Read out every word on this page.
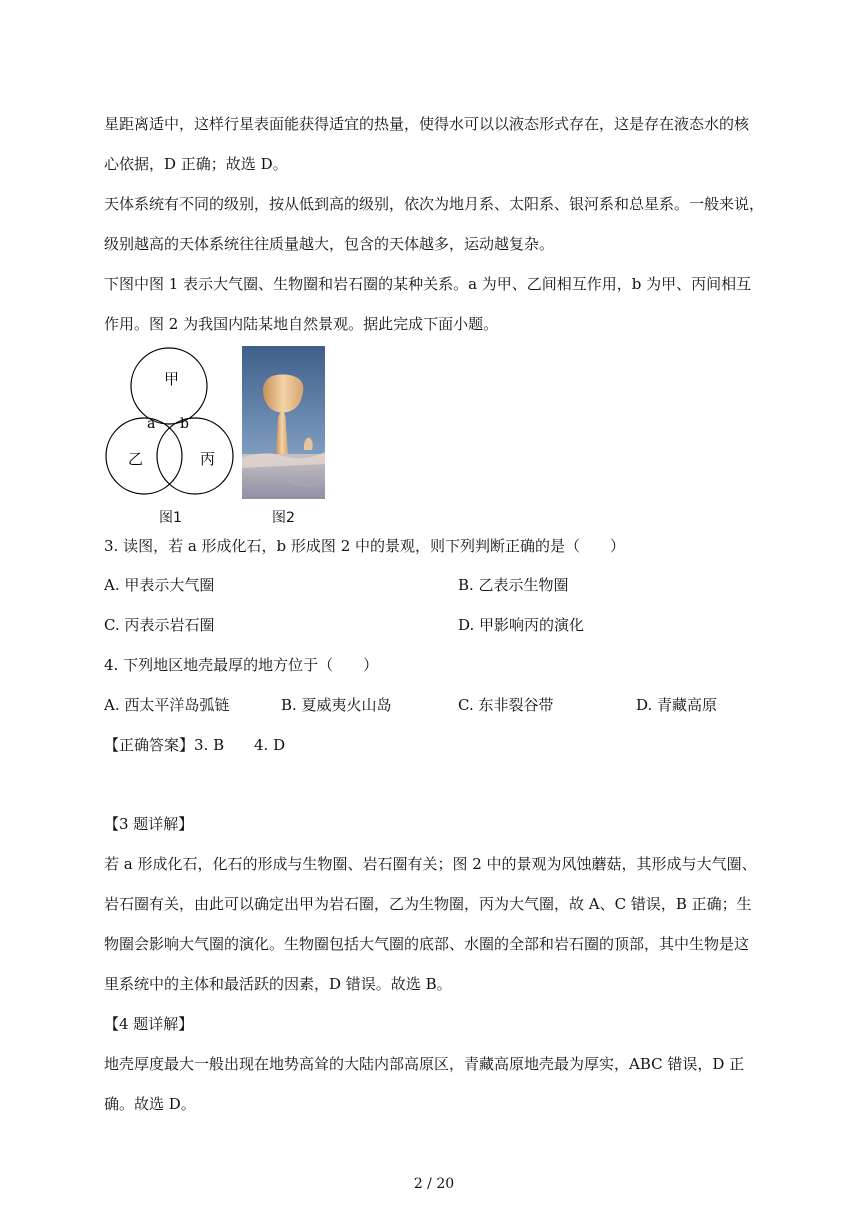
星距离适中，这样行星表面能获得适宜的热量，使得水可以以液态形式存在，这是存在液态水的核
心依据，D 正确；故选 D。
天体系统有不同的级别，按从低到高的级别，依次为地月系、太阳系、银河系和总星系。一般来说，
级别越高的天体系统往往质量越大，包含的天体越多，运动越复杂。
下图中图 1 表示大气圈、生物圈和岩石圈的某种关系。a 为甲、乙间相互作用，b 为甲、丙间相互
作用。图 2 为我国内陆某地自然景观。据此完成下面小题。
甲
乙	丙
a b
图1	图2
3. 读图，若 a 形成化石，b 形成图 2 中的景观，则下列判断正确的是（　　）
A. 甲表示大气圈	B. 乙表示生物圈
C. 丙表示岩石圈	D. 甲影响丙的演化
4. 下列地区地壳最厚的地方位于（　　）
A. 西太平洋岛弧链	B. 夏威夷火山岛	C. 东非裂谷带	D. 青藏高原
【正确答案】 3. B 4. D
【3 题详解】
若 a 形成化石，化石的形成与生物圈、岩石圈有关；图 2 中的景观为风蚀蘑菇，其形成与大气圈、
岩石圈有关，由此可以确定出甲为岩石圈，乙为生物圈，丙为大气圈，故 A、C 错误，B 正确；生
物圈会影响大气圈的演化。生物圈包括大气圈的底部、水圈的全部和岩石圈的顶部，其中生物是这
里系统中的主体和最活跃的因素，D 错误。故选 B。
【4 题详解】
地壳厚度最大一般出现在地势高耸的大陆内部高原区，青藏高原地壳最为厚实，ABC 错误，D 正
确。故选 D。
2 / 20
